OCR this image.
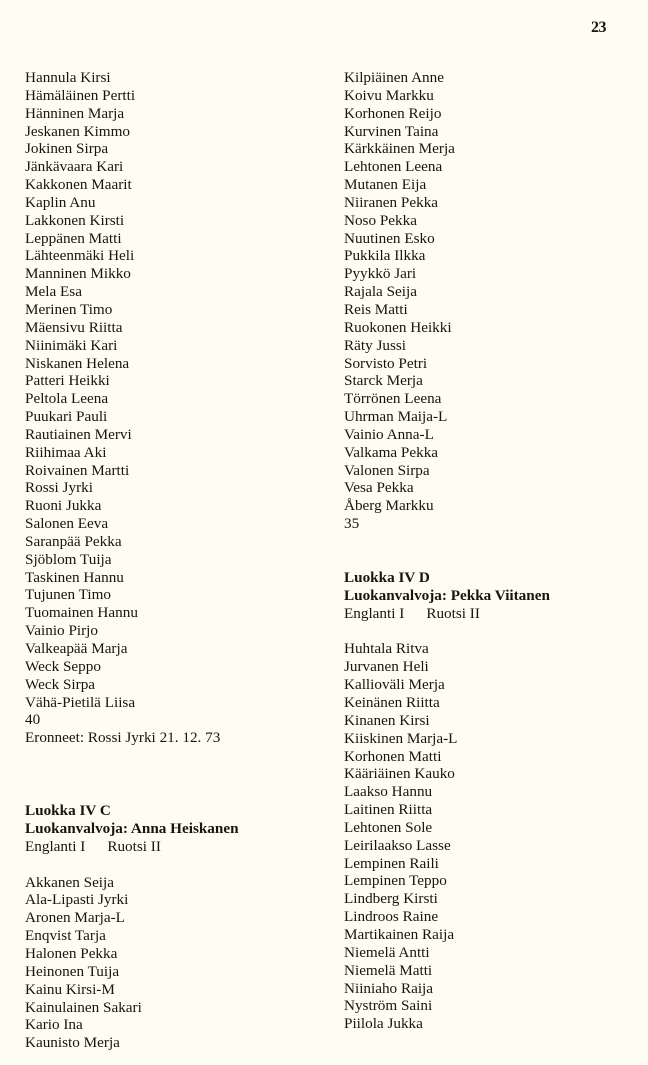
23
Hannula Kirsi
Hämäläinen Pertti
Hänninen Marja
Jeskanen Kimmo
Jokinen Sirpa
Jänkävaara Kari
Kakkonen Maarit
Kaplin Anu
Lakkonen Kirsti
Leppänen Matti
Lähteenmäki Heli
Manninen Mikko
Mela Esa
Merinen Timo
Mäensivu Riitta
Niinimäki Kari
Niskanen Helena
Patteri Heikki
Peltola Leena
Puukari Pauli
Rautiainen Mervi
Riihimaa Aki
Roivainen Martti
Rossi Jyrki
Ruoni Jukka
Salonen Eeva
Saranpää Pekka
Sjöblom Tuija
Taskinen Hannu
Tujunen Timo
Tuomainen Hannu
Vainio Pirjo
Valkeapää Marja
Weck Seppo
Weck Sirpa
Vähä-Pietilä Liisa
40
Eronneet: Rossi Jyrki 21. 12. 73
Luokka IV C
Luokanvalvoja: Anna Heiskanen
Englanti I Ruotsi II
Akkanen Seija
Ala-Lipasti Jyrki
Aronen Marja-L
Enqvist Tarja
Halonen Pekka
Heinonen Tuija
Kainu Kirsi-M
Kainulainen Sakari
Kario Ina
Kaunisto Merja
Kilpiäinen Anne
Koivu Markku
Korhonen Reijo
Kurvinen Taina
Kärkkäinen Merja
Lehtonen Leena
Mutanen Eija
Niiranen Pekka
Noso Pekka
Nuutinen Esko
Pukkila Ilkka
Pyykkö Jari
Rajala Seija
Reis Matti
Ruokonen Heikki
Räty Jussi
Sorvisto Petri
Starck Merja
Törrönen Leena
Uhrman Maija-L
Vainio Anna-L
Valkama Pekka
Valonen Sirpa
Vesa Pekka
Åberg Markku
35
Luokka IV D
Luokanvalvoja: Pekka Viitanen
Englanti I Ruotsi II
Huhtala Ritva
Jurvanen Heli
Kallioväli Merja
Keinänen Riitta
Kinanen Kirsi
Kiiskinen Marja-L
Korhonen Matti
Kääriäinen Kauko
Laakso Hannu
Laitinen Riitta
Lehtonen Sole
Leirilaakso Lasse
Lempinen Raili
Lempinen Teppo
Lindberg Kirsti
Lindroos Raine
Martikainen Raija
Niemelä Antti
Niemelä Matti
Niiniaho Raija
Nyström Saini
Piilola Jukka
